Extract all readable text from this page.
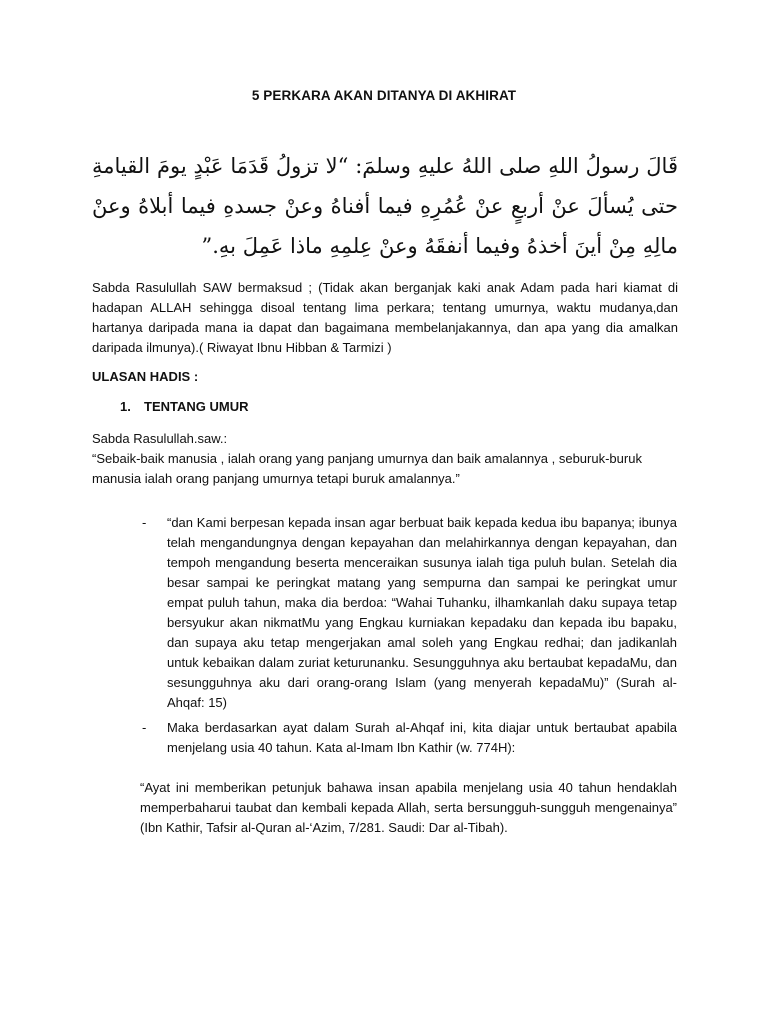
5 PERKARA AKAN DITANYA DI AKHIRAT
قَالَ رسولُ اللهِ صلى اللهُ عليهِ وسلمَ: “لا تزولُ قَدَمَا عَبْدٍ يومَ القيامةِ حتى يُسألَ عنْ أربعٍ عنْ عُمُرِهِ فيما أفناهُ وعنْ جسدهِ فيما أبلاهُ وعنْ مالِهِ مِنْ أينَ أخذهُ وفيما أنفقَهُ وعنْ عِلمِهِ ماذا عَمِلَ بهِ.”
Sabda Rasulullah SAW bermaksud ; (Tidak akan berganjak kaki anak Adam pada hari kiamat di hadapan ALLAH sehingga disoal tentang lima perkara; tentang umurnya, waktu mudanya,dan hartanya daripada mana ia dapat dan bagaimana membelanjakannya, dan apa yang dia amalkan daripada ilmunya).( Riwayat Ibnu Hibban & Tarmizi )
ULASAN HADIS :
1. TENTANG UMUR
Sabda Rasulullah.saw.:
“Sebaik-baik manusia , ialah orang yang panjang umurnya dan baik amalannya , seburuk-buruk manusia ialah orang panjang umurnya tetapi buruk amalannya.”
- “dan Kami berpesan kepada insan agar berbuat baik kepada kedua ibu bapanya; ibunya telah mengandungnya dengan kepayahan dan melahirkannya dengan kepayahan, dan tempoh mengandung beserta menceraikan susunya ialah tiga puluh bulan. Setelah dia besar sampai ke peringkat matang yang sempurna dan sampai ke peringkat umur empat puluh tahun, maka dia berdoa: “Wahai Tuhanku, ilhamkanlah daku supaya tetap bersyukur akan nikmatMu yang Engkau kurniakan kepadaku dan kepada ibu bapaku, dan supaya aku tetap mengerjakan amal soleh yang Engkau redhai; dan jadikanlah untuk kebaikan dalam zuriat keturunanku. Sesungguhnya aku bertaubat kepadaMu, dan sesungguhnya aku dari orang-orang Islam (yang menyerah kepadaMu)” (Surah al-Ahqaf: 15)
- Maka berdasarkan ayat dalam Surah al-Ahqaf ini, kita diajar untuk bertaubat apabila menjelang usia 40 tahun. Kata al-Imam Ibn Kathir (w. 774H):
“Ayat ini memberikan petunjuk bahawa insan apabila menjelang usia 40 tahun hendaklah memperbaharui taubat dan kembali kepada Allah, serta bersungguh-sungguh mengenainya” (Ibn Kathir, Tafsir al-Quran al-‘Azim, 7/281. Saudi: Dar al-Tibah).
